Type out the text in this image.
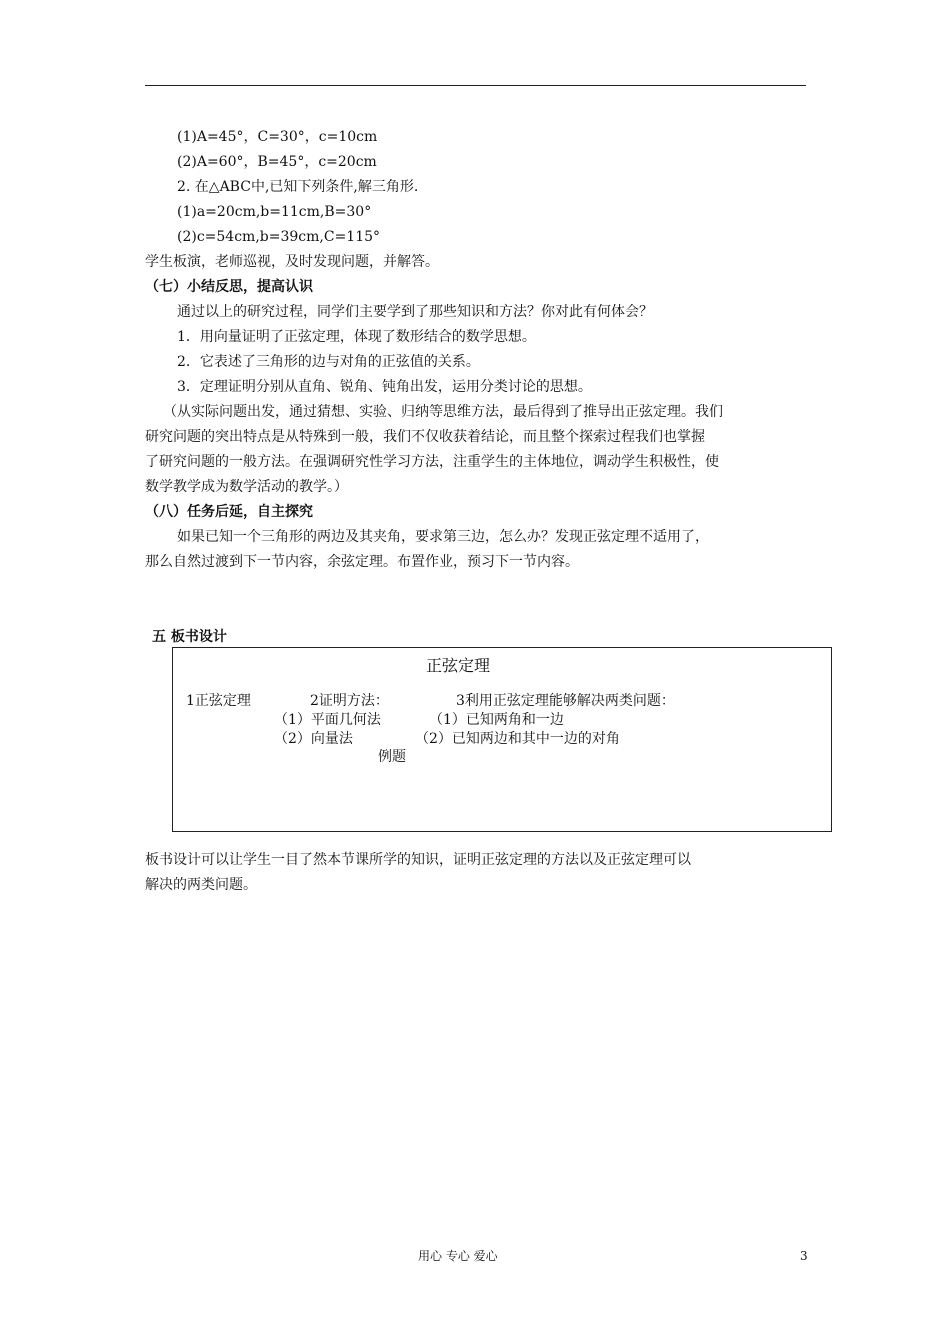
(1)A=45°，C=30°，c=10cm
(2)A=60°，B=45°，c=20cm
2. 在△ABC中,已知下列条件,解三角形.
(1)a=20cm,b=11cm,B=30°
(2)c=54cm,b=39cm,C=115°
学生板演，老师巡视，及时发现问题，并解答。
（七）小结反思，提高认识
通过以上的研究过程，同学们主要学到了那些知识和方法？你对此有何体会？
1．用向量证明了正弦定理，体现了数形结合的数学思想。
2．它表述了三角形的边与对角的正弦值的关系。
3．定理证明分别从直角、锐角、钝角出发，运用分类讨论的思想。
（从实际问题出发，通过猜想、实验、归纳等思维方法，最后得到了推导出正弦定理。我们
研究问题的突出特点是从特殊到一般，我们不仅收获着结论，而且整个探索过程我们也掌握
了研究问题的一般方法。在强调研究性学习方法，注重学生的主体地位，调动学生积极性，使
数学教学成为数学活动的教学。）
（八）任务后延，自主探究
如果已知一个三角形的两边及其夹角，要求第三边，怎么办？发现正弦定理不适用了，
那么自然过渡到下一节内容，余弦定理。布置作业，预习下一节内容。
五 板书设计
正弦定理
1正弦定理	2证明方法：
（1）平面几何法
（2）向量法
例题
3利用正弦定理能够解决两类问题：
（1）已知两角和一边
（2）已知两边和其中一边的对角
板书设计可以让学生一目了然本节课所学的知识，证明正弦定理的方法以及正弦定理可以
解决的两类问题。
用心 专心 爱心	3
